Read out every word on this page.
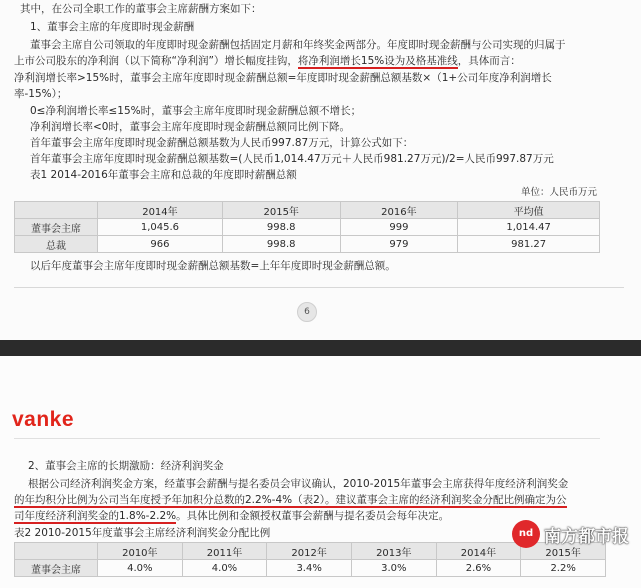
其中，在公司全职工作的董事会主席薪酬方案如下：
1、董事会主席的年度即时现金薪酬
董事会主席自公司领取的年度即时现金薪酬包括固定月薪和年终奖金两部分。年度即时现金薪酬与公司实现的归属于
上市公司股东的净利润（以下简称“净利润”）增长幅度挂钩，将净利润增长15%设为及格基准线，具体而言：
净利润增长率>15%时，董事会主席年度即时现金薪酬总额=年度即时现金薪酬总额基数×（1+公司年度净利润增长
率-15%）；
0≤净利润增长率≤15%时，董事会主席年度即时现金薪酬总额不增长；
净利润增长率<0时，董事会主席年度即时现金薪酬总额同比例下降。
首年董事会主席年度即时现金薪酬总额基数为人民币997.87万元，计算公式如下：
首年董事会主席年度即时现金薪酬总额基数=(人民币1,014.47万元＋人民币981.27万元)/2=人民币997.87万元
表1 2014-2016年董事会主席和总裁的年度即时薪酬总额
单位：人民币万元
	2014年	2015年	2016年	平均值
董事会主席	1,045.6	998.8	999	1,014.47
总裁	966	998.8	979	981.27
以后年度董事会主席年度即时现金薪酬总额基数=上年年度即时现金薪酬总额。
6
vanke
2、董事会主席的长期激励：经济利润奖金
根据公司经济利润奖金方案，经董事会薪酬与提名委员会审议确认，2010-2015年董事会主席获得年度经济利润奖金
的年均积分比例为公司当年度授予年加积分总数的2.2%-4%（表2）。建议董事会主席的经济利润奖金分配比例确定为公
司年度经济利润奖金的1.8%-2.2%。具体比例和金额授权董事会薪酬与提名委员会每年决定。
表2 2010-2015年度董事会主席经济利润奖金分配比例
	2010年	2011年	2012年	2013年	2014年	2015年
董事会主席	4.0%	4.0%	3.4%	3.0%	2.6%	2.2%
nd 南方都市报
